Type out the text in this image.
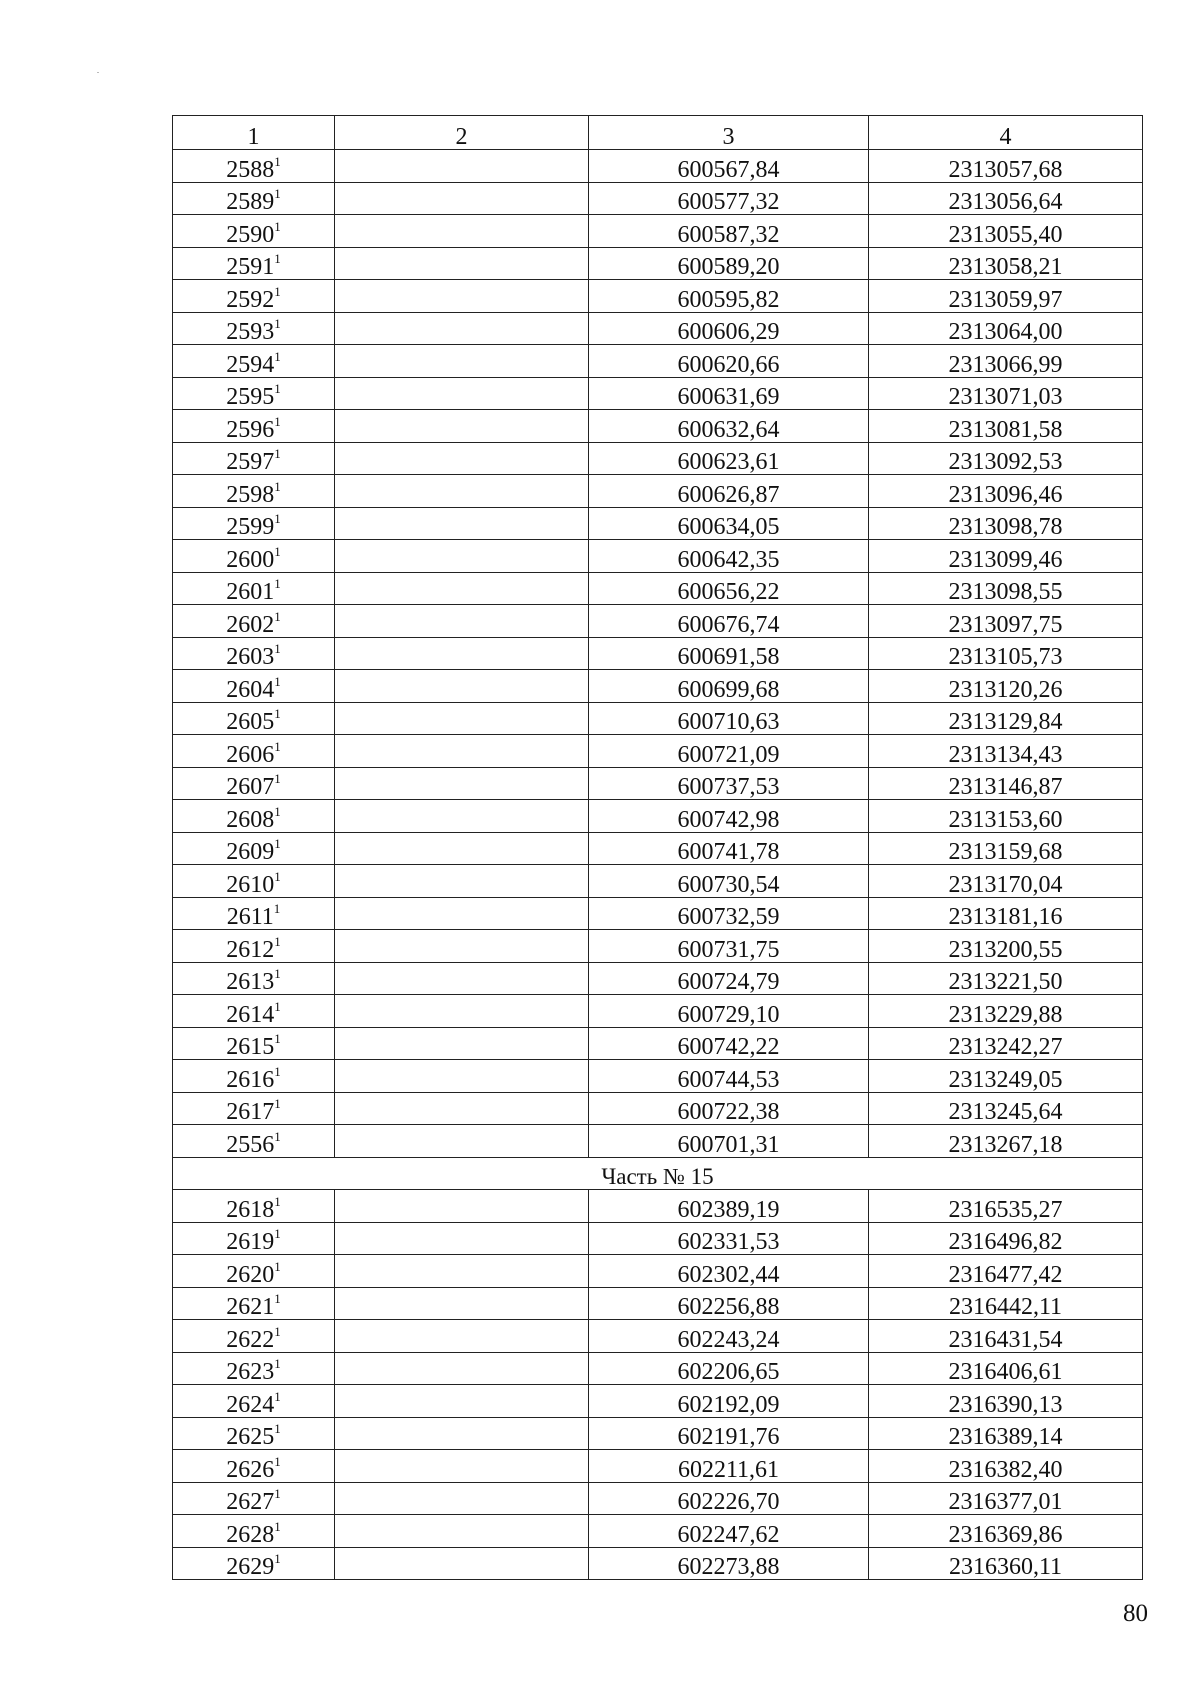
1	2	3	4
2588$^1$		600567,84	2313057,68
2589$^1$		600577,32	2313056,64
2590$^1$		600587,32	2313055,40
2591$^1$		600589,20	2313058,21
2592$^1$		600595,82	2313059,97
2593$^1$		600606,29	2313064,00
2594$^1$		600620,66	2313066,99
2595$^1$		600631,69	2313071,03
2596$^1$		600632,64	2313081,58
2597$^1$		600623,61	2313092,53
2598$^1$		600626,87	2313096,46
2599$^1$		600634,05	2313098,78
2600$^1$		600642,35	2313099,46
2601$^1$		600656,22	2313098,55
2602$^1$		600676,74	2313097,75
2603$^1$		600691,58	2313105,73
2604$^1$		600699,68	2313120,26
2605$^1$		600710,63	2313129,84
2606$^1$		600721,09	2313134,43
2607$^1$		600737,53	2313146,87
2608$^1$		600742,98	2313153,60
2609$^1$		600741,78	2313159,68
2610$^1$		600730,54	2313170,04
2611$^1$		600732,59	2313181,16
2612$^1$		600731,75	2313200,55
2613$^1$		600724,79	2313221,50
2614$^1$		600729,10	2313229,88
2615$^1$		600742,22	2313242,27
2616$^1$		600744,53	2313249,05
2617$^1$		600722,38	2313245,64
2556$^1$		600701,31	2313267,18
Часть № 15			
2618$^1$		602389,19	2316535,27
2619$^1$		602331,53	2316496,82
2620$^1$		602302,44	2316477,42
2621$^1$		602256,88	2316442,11
2622$^1$		602243,24	2316431,54
2623$^1$		602206,65	2316406,61
2624$^1$		602192,09	2316390,13
2625$^1$		602191,76	2316389,14
2626$^1$		602211,61	2316382,40
2627$^1$		602226,70	2316377,01
2628$^1$		602247,62	2316369,86
2629$^1$		602273,88	2316360,11
80
